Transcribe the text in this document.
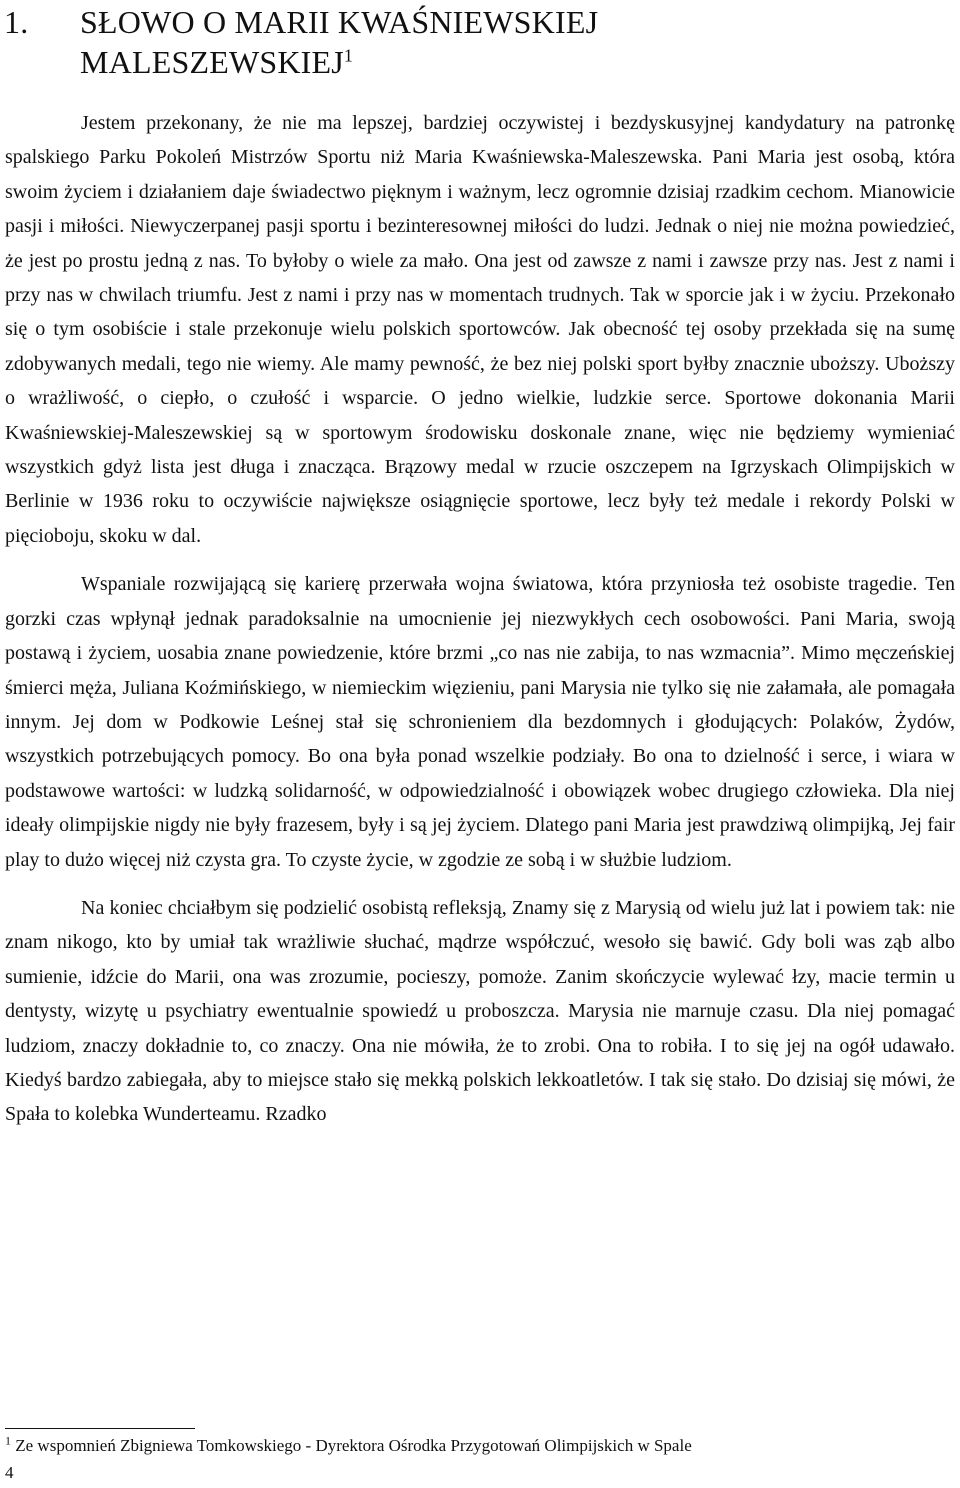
1. SŁOWO O MARII KWAŚNIEWSKIEJ
MALESZEWSKIEJ$^1$

Jestem przekonany, że nie ma lepszej, bardziej oczywistej i bezdyskusyjnej kandydatury na patronkę spalskiego Parku Pokoleń Mistrzów Sportu niż Maria Kwaśniewska-Maleszewska. Pani Maria jest osobą, która swoim życiem i działaniem daje świadectwo pięknym i ważnym, lecz ogromnie dzisiaj rzadkim cechom. Mianowicie pasji i miłości. Niewyczerpanej pasji sportu i bezinteresownej miłości do ludzi. Jednak o niej nie można powiedzieć, że jest po prostu jedną z nas. To byłoby o wiele za mało. Ona jest od zawsze z nami i zawsze przy nas. Jest z nami i przy nas w chwilach triumfu. Jest z nami i przy nas w momentach trudnych. Tak w sporcie jak i w życiu. Przekonało się o tym osobiście i stale przekonuje wielu polskich sportowców. Jak obecność tej osoby przekłada się na sumę zdobywanych medali, tego nie wiemy. Ale mamy pewność, że bez niej polski sport byłby znacznie uboższy. Uboższy o wrażliwość, o ciepło, o czułość i wsparcie. O jedno wielkie, ludzkie serce. Sportowe dokonania Marii Kwaśniewskiej-Maleszewskiej są w sportowym środowisku doskonale znane, więc nie będziemy wymieniać wszystkich gdyż lista jest długa i znacząca. Brązowy medal w rzucie oszczepem na Igrzyskach Olimpijskich w Berlinie w 1936 roku to oczywiście największe osiągnięcie sportowe, lecz były też medale i rekordy Polski w pięcioboju, skoku w dal.

Wspaniale rozwijającą się karierę przerwała wojna światowa, która przyniosła też osobiste tragedie. Ten gorzki czas wpłynął jednak paradoksalnie na umocnienie jej niezwykłych cech osobowości. Pani Maria, swoją postawą i życiem, uosabia znane powiedzenie, które brzmi „co nas nie zabija, to nas wzmacnia”. Mimo męczeńskiej śmierci męża, Juliana Koźmińskiego, w niemieckim więzieniu, pani Marysia nie tylko się nie załamała, ale pomagała innym. Jej dom w Podkowie Leśnej stał się schronieniem dla bezdomnych i głodujących: Polaków, Żydów, wszystkich potrzebujących pomocy. Bo ona była ponad wszelkie podziały. Bo ona to dzielność i serce, i wiara w podstawowe wartości: w ludzką solidarność, w odpowiedzialność i obowiązek wobec drugiego człowieka. Dla niej ideały olimpijskie nigdy nie były frazesem, były i są jej życiem. Dlatego pani Maria jest prawdziwą olimpijką, Jej fair play to dużo więcej niż czysta gra. To czyste życie, w zgodzie ze sobą i w służbie ludziom.

Na koniec chciałbym się podzielić osobistą refleksją, Znamy się z Marysią od wielu już lat i powiem tak: nie znam nikogo, kto by umiał tak wrażliwie słuchać, mądrze współczuć, wesoło się bawić. Gdy boli was ząb albo sumienie, idźcie do Marii, ona was zrozumie, pocieszy, pomoże. Zanim skończycie wylewać łzy, macie termin u dentysty, wizytę u psychiatry ewentualnie spowiedź u proboszcza. Marysia nie marnuje czasu. Dla niej pomagać ludziom, znaczy dokładnie to, co znaczy. Ona nie mówiła, że to zrobi. Ona to robiła. I to się jej na ogół udawało. Kiedyś bardzo zabiegała, aby to miejsce stało się mekką polskich lekkoatletów. I tak się stało. Do dzisiaj się mówi, że Spała to kolebka Wunderteamu. Rzadko

$^1$ Ze wspomnień Zbigniewa Tomkowskiego - Dyrektora Ośrodka Przygotowań Olimpijskich w Spale
4
